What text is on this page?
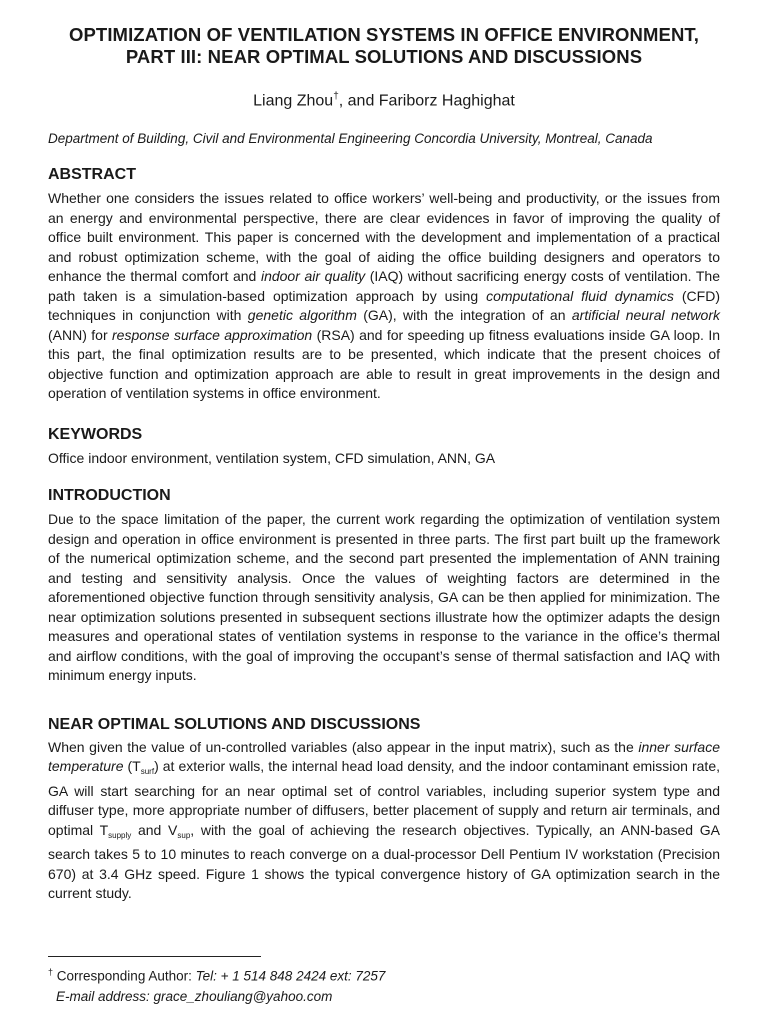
OPTIMIZATION OF VENTILATION SYSTEMS IN OFFICE ENVIRONMENT, PART III: NEAR OPTIMAL SOLUTIONS AND DISCUSSIONS
Liang Zhou†, and Fariborz Haghighat
Department of Building, Civil and Environmental Engineering Concordia University, Montreal, Canada
ABSTRACT

Whether one considers the issues related to office workers’ well-being and productivity, or the issues from an energy and environmental perspective, there are clear evidences in favor of improving the quality of office built environment. This paper is concerned with the development and implementation of a practical and robust optimization scheme, with the goal of aiding the office building designers and operators to enhance the thermal comfort and indoor air quality (IAQ) without sacrificing energy costs of ventilation. The path taken is a simulation-based optimization approach by using computational fluid dynamics (CFD) techniques in conjunction with genetic algorithm (GA), with the integration of an artificial neural network (ANN) for response surface approximation (RSA) and for speeding up fitness evaluations inside GA loop. In this part, the final optimization results are to be presented, which indicate that the present choices of objective function and optimization approach are able to result in great improvements in the design and operation of ventilation systems in office environment.

KEYWORDS

Office indoor environment, ventilation system, CFD simulation, ANN, GA

INTRODUCTION

Due to the space limitation of the paper, the current work regarding the optimization of ventilation system design and operation in office environment is presented in three parts. The first part built up the framework of the numerical optimization scheme, and the second part presented the implementation of ANN training and testing and sensitivity analysis. Once the values of weighting factors are determined in the aforementioned objective function through sensitivity analysis, GA can be then applied for minimization. The near optimization solutions presented in subsequent sections illustrate how the optimizer adapts the design measures and operational states of ventilation systems in response to the variance in the office’s thermal and airflow conditions, with the goal of improving the occupant’s sense of thermal satisfaction and IAQ with minimum energy inputs.

NEAR OPTIMAL SOLUTIONS AND DISCUSSIONS

When given the value of un-controlled variables (also appear in the input matrix), such as the inner surface temperature $(T_{surf})$ at exterior walls, the internal head load density, and the indoor contaminant emission rate, GA will start searching for an near optimal set of control variables, including superior system type and diffuser type, more appropriate number of diffusers, better placement of supply and return air terminals, and optimal $T_{supply}$ and $V_{sup}$, with the goal of achieving the research objectives. Typically, an ANN-based GA search takes 5 to 10 minutes to reach converge on a dual-processor Dell Pentium IV workstation (Precision 670) at 3.4 GHz speed. Figure 1 shows the typical convergence history of GA optimization search in the current study.

† Corresponding Author: Tel: + 1 514 848 2424 ext: 7257
E-mail address: grace_zhouliang@yahoo.com
